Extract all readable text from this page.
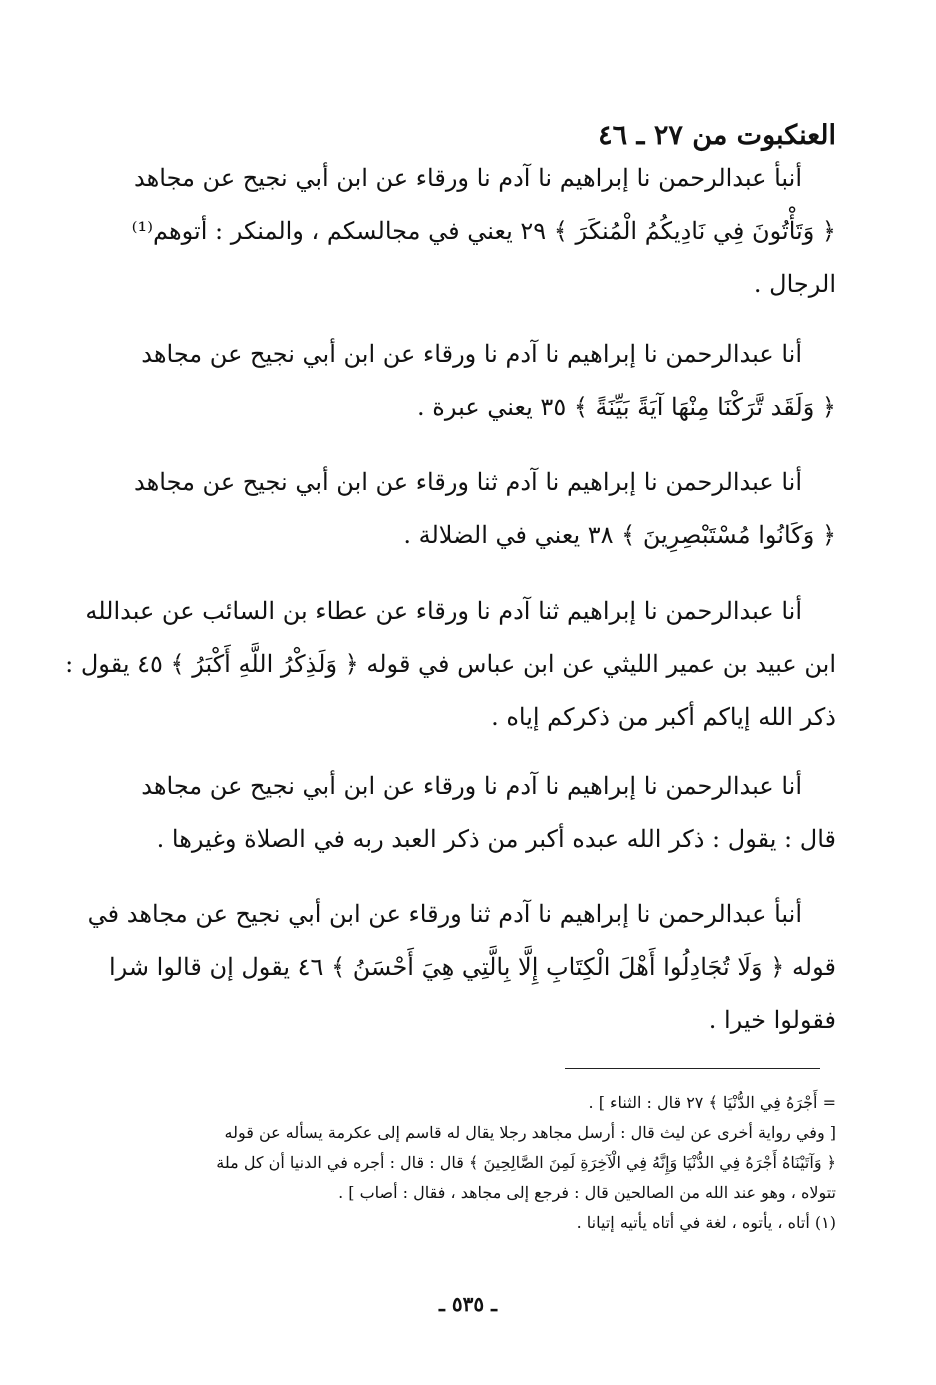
العنكبوت من ٢٧ ـ ٤٦
أنبأ عبدالرحمن نا إبراهيم نا آدم نا ورقاء عن ابن أبي نجيح عن مجاهد
﴿ وَتَأْتُونَ فِي نَادِيكُمُ الْمُنكَرَ ﴾ ٢٩ يعني في مجالسكم ، والمنكر : أتوهم⁽¹⁾
الرجال .
أنا عبدالرحمن نا إبراهيم نا آدم نا ورقاء عن ابن أبي نجيح عن مجاهد
﴿ وَلَقَد تَّرَكْنَا مِنْهَا آيَةً بَيِّنَةً ﴾ ٣٥ يعني عبرة .
أنا عبدالرحمن نا إبراهيم نا آدم ثنا ورقاء عن ابن أبي نجيح عن مجاهد
﴿ وَكَانُوا مُسْتَبْصِرِينَ ﴾ ٣٨ يعني في الضلالة .
أنا عبدالرحمن نا إبراهيم ثنا آدم نا ورقاء عن عطاء بن السائب عن عبدالله
ابن عبيد بن عمير الليثي عن ابن عباس في قوله ﴿ وَلَذِكْرُ اللَّهِ أَكْبَرُ ﴾ ٤٥ يقول :
ذكر الله إياكم أكبر من ذكركم إياه .
أنا عبدالرحمن نا إبراهيم نا آدم نا ورقاء عن ابن أبي نجيح عن مجاهد
قال : يقول : ذكر الله عبده أكبر من ذكر العبد ربه في الصلاة وغيرها .
أنبأ عبدالرحمن نا إبراهيم نا آدم ثنا ورقاء عن ابن أبي نجيح عن مجاهد في
قوله ﴿ وَلَا تُجَادِلُوا أَهْلَ الْكِتَابِ إِلَّا بِالَّتِي هِيَ أَحْسَنُ ﴾ ٤٦ يقول إن قالوا شرا
فقولوا خيرا .
= أَجْرَهُ فِي الدُّنْيَا ﴾ ٢٧ قال : الثناء ] .
[ وفي رواية أخرى عن ليث قال : أرسل مجاهد رجلا يقال له قاسم إلى عكرمة يسأله عن قوله
﴿ وَآتَيْنَاهُ أَجْرَهُ فِي الدُّنْيَا وَإِنَّهُ فِي الْآخِرَةِ لَمِنَ الصَّالِحِينَ ﴾ قال : قال : أجره في الدنيا أن كل ملة
تتولاه ، وهو عند الله من الصالحين قال : فرجع إلى مجاهد ، فقال : أصاب ] .
(١) أتاه ، يأتوه ، لغة في أتاه يأتيه إتيانا .
ـ ٥٣٥ ـ
